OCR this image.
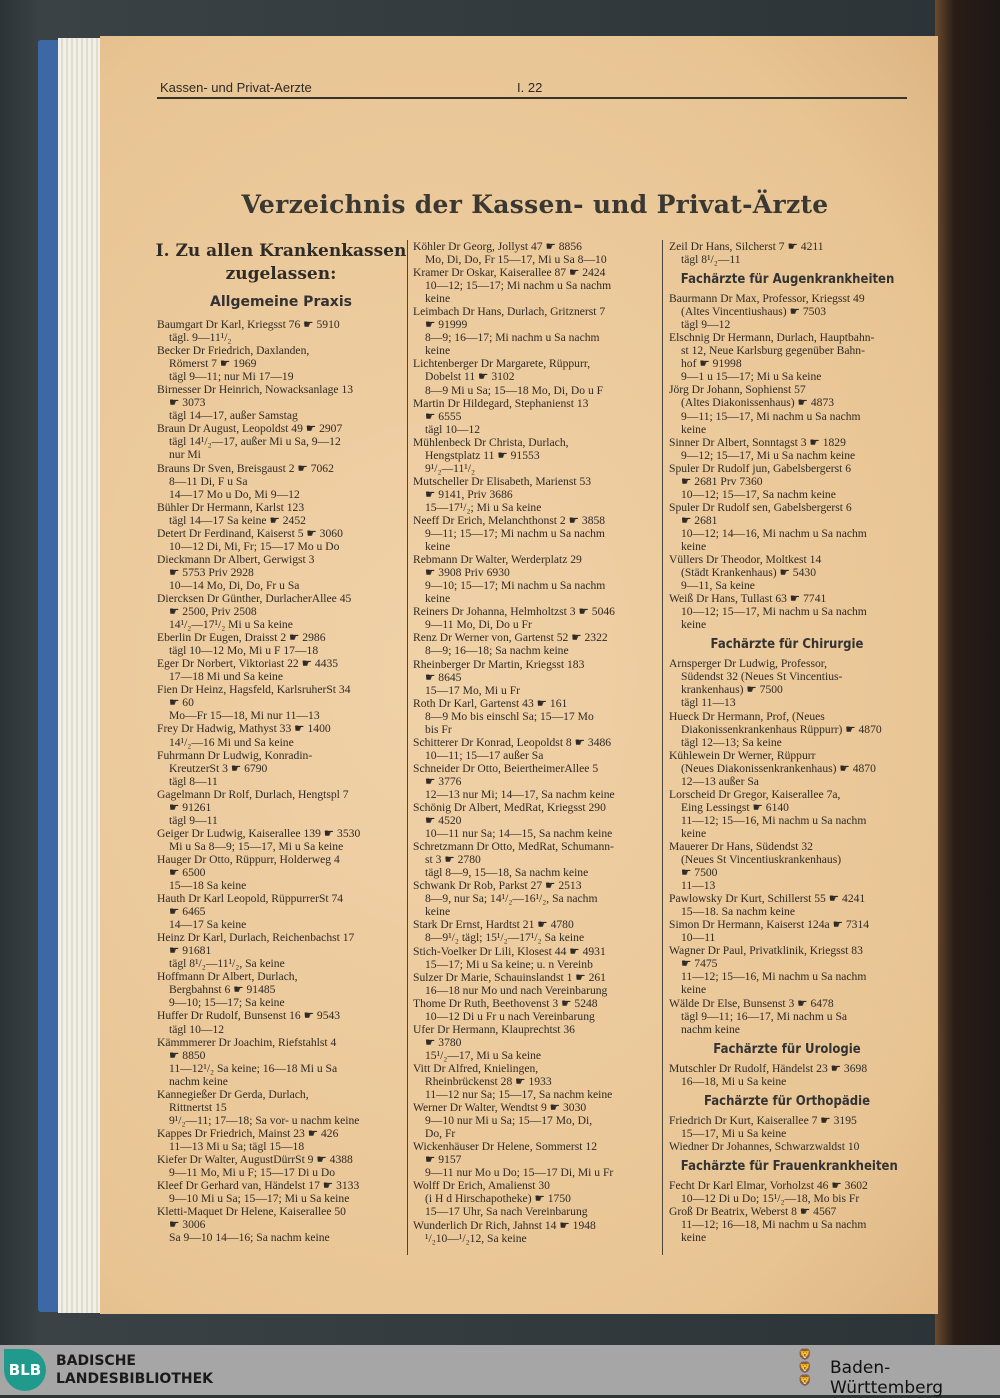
Kassen- und Privat-Aerzte	I. 22
Verzeichnis der Kassen- und Privat-Ärzte
I. Zu allen Krankenkassen
zugelassen:
Allgemeine Praxis
Baumgart Dr Karl, Kriegsst 76 ☛ 5910
tägl. 9—11¹/₂
Becker Dr Friedrich, Daxlanden,
Römerst 7 ☛ 1969
tägl 9—11; nur Mi 17—19
Birnesser Dr Heinrich, Nowacksanlage 13
☛ 3073
tägl 14—17, außer Samstag
Braun Dr August, Leopoldst 49 ☛ 2907
tägl 14¹/₂—17, außer Mi u Sa, 9—12
nur Mi
Brauns Dr Sven, Breisgaust 2 ☛ 7062
8—11 Di, F u Sa
14—17 Mo u Do, Mi 9—12
Bühler Dr Hermann, Karlst 123
tägl 14—17 Sa keine ☛ 2452
Detert Dr Ferdinand, Kaiserst 5 ☛ 3060
10—12 Di, Mi, Fr; 15—17 Mo u Do
Dieckmann Dr Albert, Gerwigst 3
☛ 5753 Priv 2928
10—14 Mo, Di, Do, Fr u Sa
Diercksen Dr Günther, DurlacherAllee 45
☛ 2500, Priv 2508
14¹/₂—17¹/₂ Mi u Sa keine
Eberlin Dr Eugen, Draisst 2 ☛ 2986
tägl 10—12 Mo, Mi u F 17—18
Eger Dr Norbert, Viktoriast 22 ☛ 4435
17—18 Mi und Sa keine
Fien Dr Heinz, Hagsfeld, KarlsruherSt 34
☛ 60
Mo—Fr 15—18, Mi nur 11—13
Frey Dr Hadwig, Mathyst 33 ☛ 1400
14¹/₂—16 Mi und Sa keine
Fuhrmann Dr Ludwig, Konradin-
KreutzerSt 3 ☛ 6790
tägl 8—11
Gagelmann Dr Rolf, Durlach, Hengtspl 7
☛ 91261
tägl 9—11
Geiger Dr Ludwig, Kaiserallee 139 ☛ 3530
Mi u Sa 8—9; 15—17, Mi u Sa keine
Hauger Dr Otto, Rüppurr, Holderweg 4
☛ 6500
15—18 Sa keine
Hauth Dr Karl Leopold, RüppurrerSt 74
☛ 6465
14—17 Sa keine
Heinz Dr Karl, Durlach, Reichenbachst 17
☛ 91681
tägl 8¹/₂—11¹/₂, Sa keine
Hoffmann Dr Albert, Durlach,
Bergbahnst 6 ☛ 91485
9—10; 15—17; Sa keine
Huffer Dr Rudolf, Bunsenst 16 ☛ 9543
tägl 10—12
Kämmmerer Dr Joachim, Riefstahlst 4
☛ 8850
11—12¹/₂ Sa keine; 16—18 Mi u Sa
nachm keine
Kannegießer Dr Gerda, Durlach,
Rittnertst 15
9¹/₂—11; 17—18; Sa vor- u nachm keine
Kappes Dr Friedrich, Mainst 23 ☛ 426
11—13 Mi u Sa; tägl 15—18
Kiefer Dr Walter, AugustDürrSt 9 ☛ 4388
9—11 Mo, Mi u F; 15—17 Di u Do
Kleef Dr Gerhard van, Händelst 17 ☛ 3133
9—10 Mi u Sa; 15—17; Mi u Sa keine
Kletti-Maquet Dr Helene, Kaiserallee 50
☛ 3006
Sa 9—10 14—16; Sa nachm keine
Köhler Dr Georg, Jollyst 47 ☛ 8856
Mo, Di, Do, Fr 15—17, Mi u Sa 8—10
Kramer Dr Oskar, Kaiserallee 87 ☛ 2424
10—12; 15—17; Mi nachm u Sa nachm
keine
Leimbach Dr Hans, Durlach, Gritznerst 7
☛ 91999
8—9; 16—17; Mi nachm u Sa nachm
keine
Lichtenberger Dr Margarete, Rüppurr,
Dobelst 11 ☛ 3102
8—9 Mi u Sa; 15—18 Mo, Di, Do u F
Martin Dr Hildegard, Stephanienst 13
☛ 6555
tägl 10—12
Mühlenbeck Dr Christa, Durlach,
Hengstplatz 11 ☛ 91553
9¹/₂—11¹/₂
Mutscheller Dr Elisabeth, Marienst 53
☛ 9141, Priv 3686
15—17¹/₂; Mi u Sa keine
Neeff Dr Erich, Melanchthonst 2 ☛ 3858
9—11; 15—17; Mi nachm u Sa nachm
keine
Rebmann Dr Walter, Werderplatz 29
☛ 3908 Priv 6930
9—10; 15—17; Mi nachm u Sa nachm
keine
Reiners Dr Johanna, Helmholtzst 3 ☛ 5046
9—11 Mo, Di, Do u Fr
Renz Dr Werner von, Gartenst 52 ☛ 2322
8—9; 16—18; Sa nachm keine
Rheinberger Dr Martin, Kriegsst 183
☛ 8645
15—17 Mo, Mi u Fr
Roth Dr Karl, Gartenst 43 ☛ 161
8—9 Mo bis einschl Sa; 15—17 Mo
bis Fr
Schitterer Dr Konrad, Leopoldst 8 ☛ 3486
10—11; 15—17 außer Sa
Schneider Dr Otto, BeiertheimerAllee 5
☛ 3776
12—13 nur Mi; 14—17, Sa nachm keine
Schönig Dr Albert, MedRat, Kriegsst 290
☛ 4520
10—11 nur Sa; 14—15, Sa nachm keine
Schretzmann Dr Otto, MedRat, Schumann-
st 3 ☛ 2780
tägl 8—9, 15—18, Sa nachm keine
Schwank Dr Rob, Parkst 27 ☛ 2513
8—9, nur Sa; 14¹/₂—16¹/₂, Sa nachm
keine
Stark Dr Ernst, Hardtst 21 ☛ 4780
8—9¹/₂ tägl; 15¹/₂—17¹/₂ Sa keine
Stich-Voelker Dr Lili, Klosest 44 ☛ 4931
15—17; Mi u Sa keine; u. n Vereinb
Sulzer Dr Marie, Schauinslandst 1 ☛ 261
16—18 nur Mo und nach Vereinbarung
Thome Dr Ruth, Beethovenst 3 ☛ 5248
10—12 Di u Fr u nach Vereinbarung
Ufer Dr Hermann, Klauprechtst 36
☛ 3780
15¹/₂—17, Mi u Sa keine
Vitt Dr Alfred, Knielingen,
Rheinbrückenst 28 ☛ 1933
11—12 nur Sa; 15—17, Sa nachm keine
Werner Dr Walter, Wendtst 9 ☛ 3030
9—10 nur Mi u Sa; 15—17 Mo, Di,
Do, Fr
Wickenhäuser Dr Helene, Sommerst 12
☛ 9157
9—11 nur Mo u Do; 15—17 Di, Mi u Fr
Wolff Dr Erich, Amalienst 30
(i H d Hirschapotheke) ☛ 1750
15—17 Uhr, Sa nach Vereinbarung
Wunderlich Dr Rich, Jahnst 14 ☛ 1948
¹/₂10—¹/₂12, Sa keine
Zeil Dr Hans, Silcherst 7 ☛ 4211
tägl 8¹/₂—11
Fachärzte für Augenkrankheiten
Baurmann Dr Max, Professor, Kriegsst 49
(Altes Vincentiushaus) ☛ 7503
tägl 9—12
Elschnig Dr Hermann, Durlach, Hauptbahn-
st 12, Neue Karlsburg gegenüber Bahn-
hof ☛ 91998
9—1 u 15—17; Mi u Sa keine
Jörg Dr Johann, Sophienst 57
(Altes Diakonissenhaus) ☛ 4873
9—11; 15—17, Mi nachm u Sa nachm
keine
Sinner Dr Albert, Sonntagst 3 ☛ 1829
9—12; 15—17, Mi u Sa nachm keine
Spuler Dr Rudolf jun, Gabelsbergerst 6
☛ 2681 Prv 7360
10—12; 15—17, Sa nachm keine
Spuler Dr Rudolf sen, Gabelsbergerst 6
☛ 2681
10—12; 14—16, Mi nachm u Sa nachm
keine
Vüllers Dr Theodor, Moltkest 14
(Städt Krankenhaus) ☛ 5430
9—11, Sa keine
Weiß Dr Hans, Tullast 63 ☛ 7741
10—12; 15—17, Mi nachm u Sa nachm
keine
Fachärzte für Chirurgie
Arnsperger Dr Ludwig, Professor,
Südendst 32 (Neues St Vincentius-
krankenhaus) ☛ 7500
tägl 11—13
Hueck Dr Hermann, Prof, (Neues
Diakonissenkrankenhaus Rüppurr) ☛ 4870
tägl 12—13; Sa keine
Kühlewein Dr Werner, Rüppurr
(Neues Diakonissenkrankenhaus) ☛ 4870
12—13 außer Sa
Lorscheid Dr Gregor, Kaiserallee 7a,
Eing Lessingst ☛ 6140
11—12; 15—16, Mi nachm u Sa nachm
keine
Mauerer Dr Hans, Südendst 32
(Neues St Vincentiuskrankenhaus)
☛ 7500
11—13
Pawlowsky Dr Kurt, Schillerst 55 ☛ 4241
15—18. Sa nachm keine
Simon Dr Hermann, Kaiserst 124a ☛ 7314
10—11
Wagner Dr Paul, Privatklinik, Kriegsst 83
☛ 7475
11—12; 15—16, Mi nachm u Sa nachm
keine
Wälde Dr Else, Bunsenst 3 ☛ 6478
tägl 9—11; 16—17, Mi nachm u Sa
nachm keine
Fachärzte für Urologie
Mutschler Dr Rudolf, Händelst 23 ☛ 3698
16—18, Mi u Sa keine
Fachärzte für Orthopädie
Friedrich Dr Kurt, Kaiserallee 7 ☛ 3195
15—17, Mi u Sa keine
Wiedner Dr Johannes, Schwarzwaldst 10
Fachärzte für Frauenkrankheiten
Fecht Dr Karl Elmar, Vorholzst 46 ☛ 3602
10—12 Di u Do; 15¹/₂—18, Mo bis Fr
Groß Dr Beatrix, Weberst 8 ☛ 4567
11—12; 16—18, Mi nachm u Sa nachm
keine
BLB	BADISCHE
LANDESBIBLIOTHEK
🦁
🦁
🦁
Baden-Württemberg
